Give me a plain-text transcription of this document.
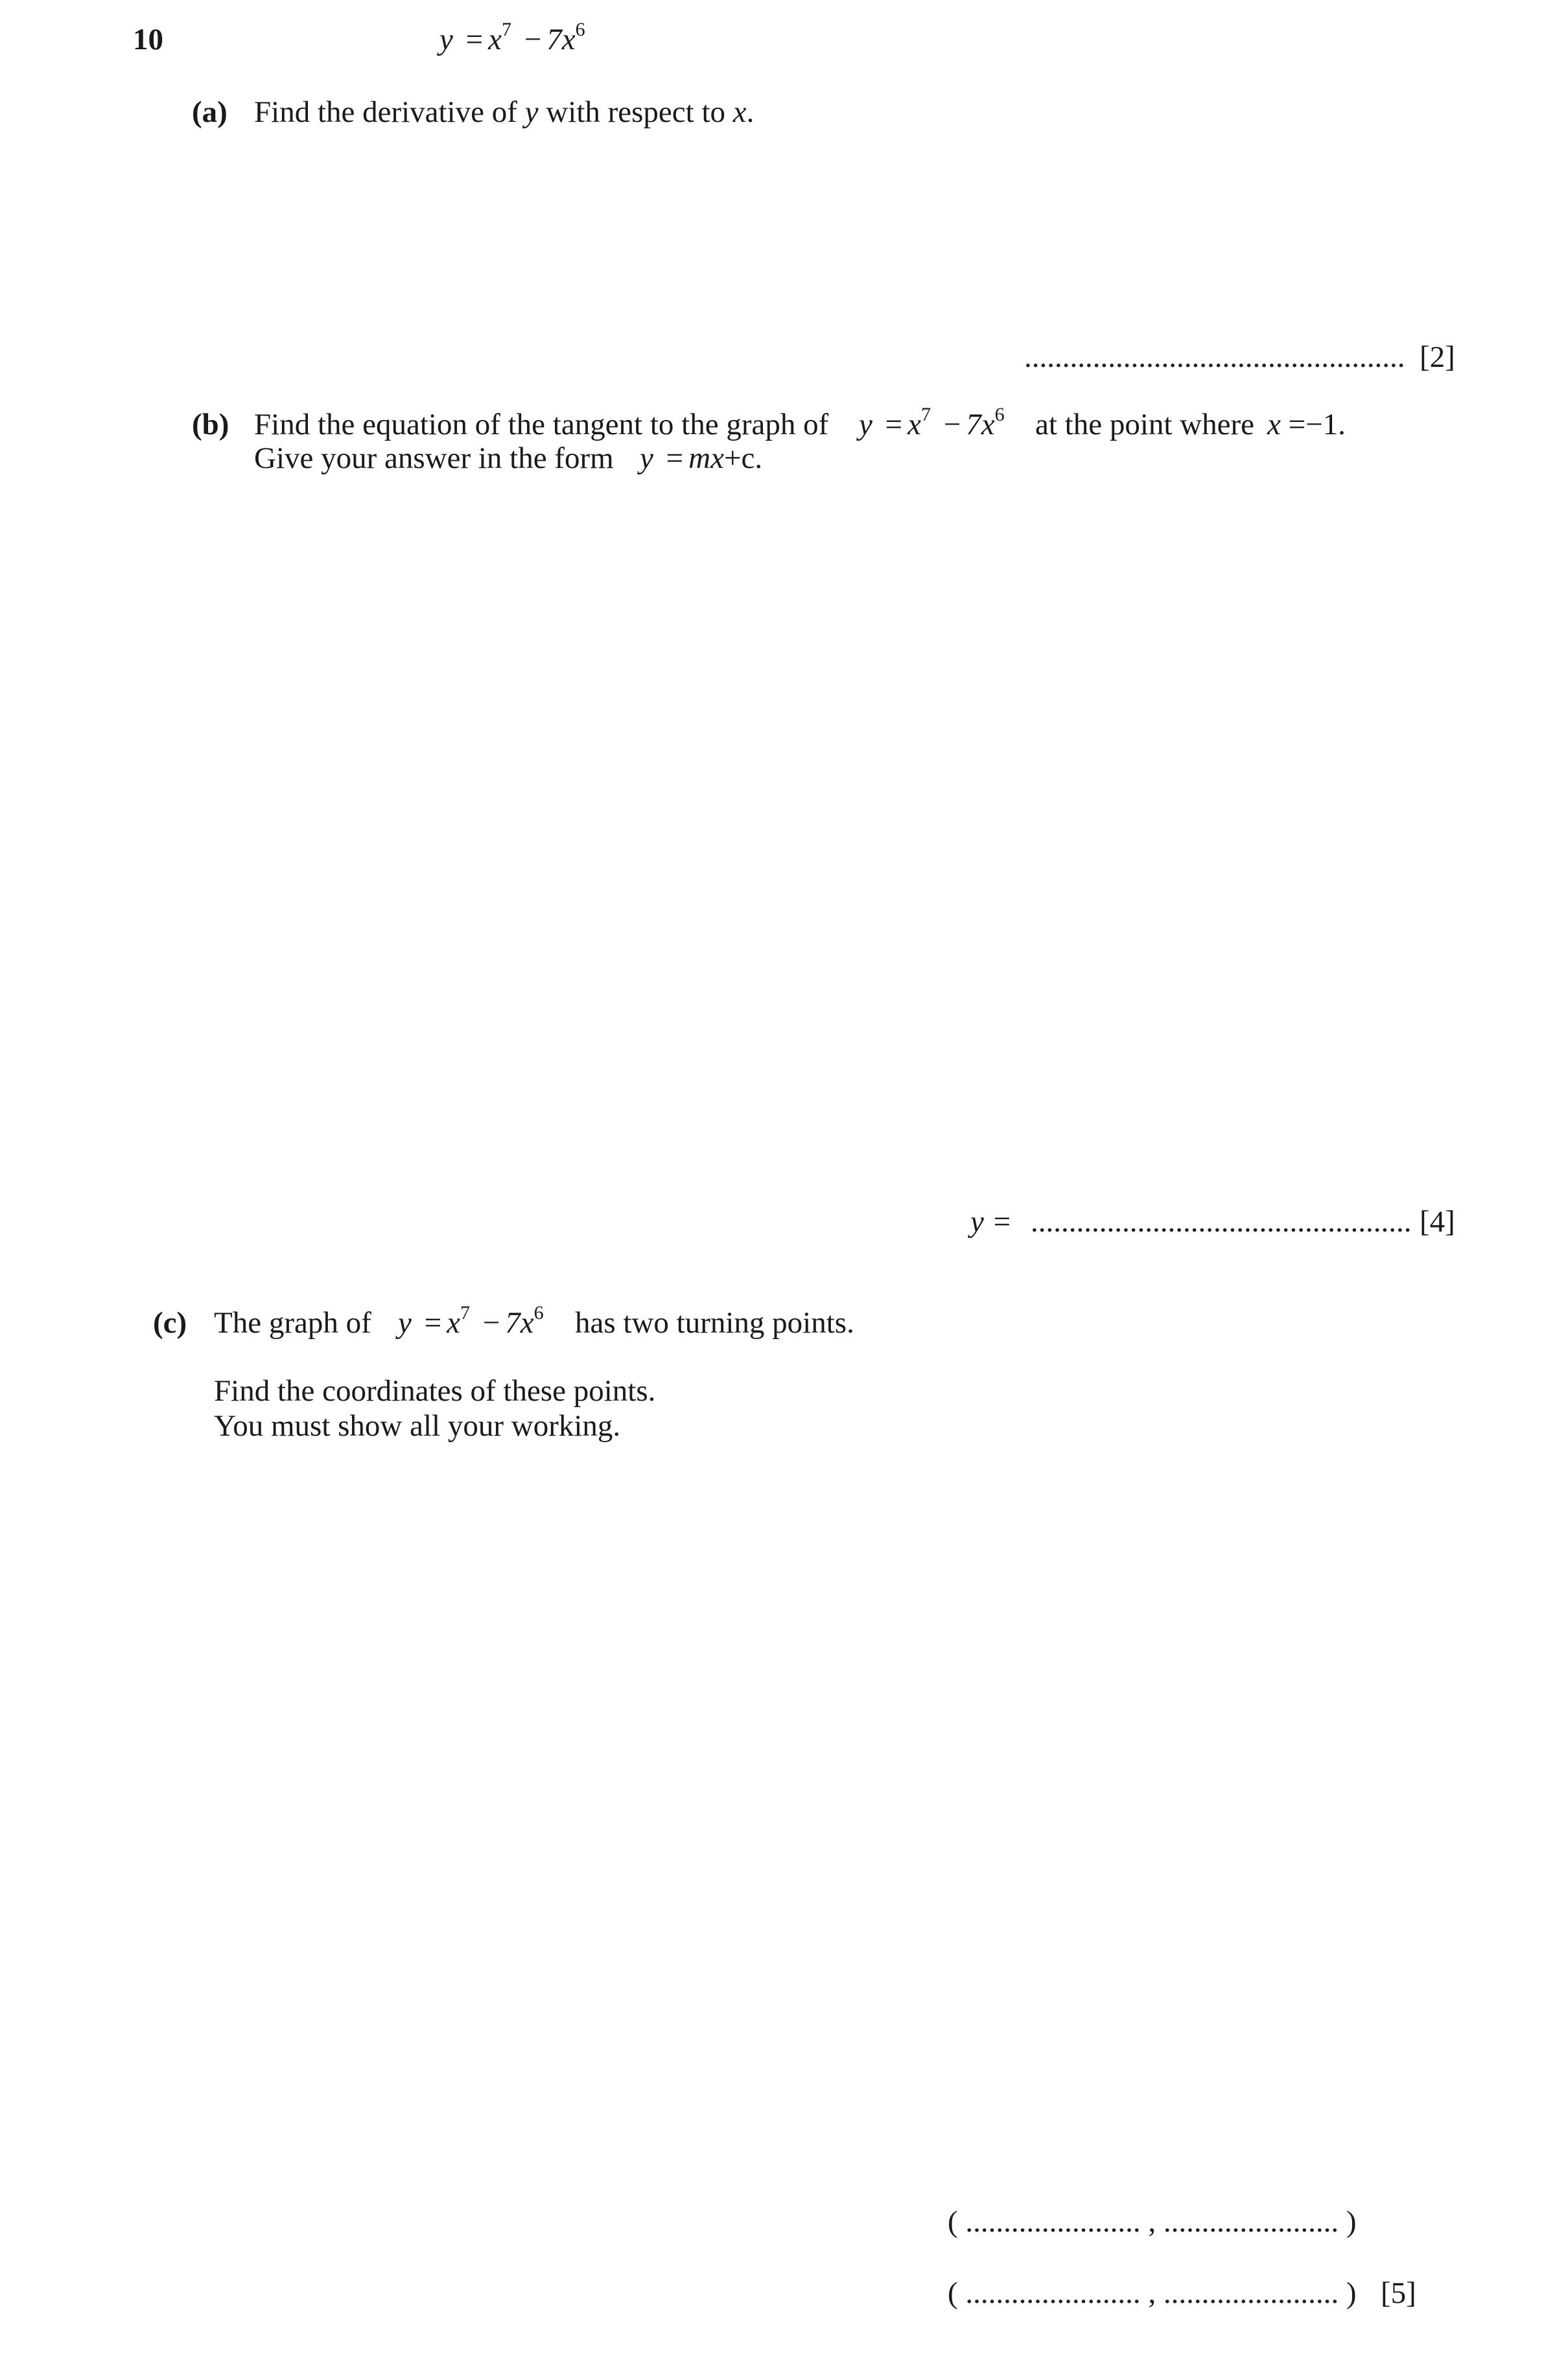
10	$y = x^7 - 7x^6$
(a) Find the derivative of y with respect to x.
.................................................. [2]
(b) Find the equation of the tangent to the graph of $y = x^7 - 7x^6$ at the point where x =−1.
Give your answer in the form y = mx+c.
y = .................................................. [4]
(c) The graph of $y = x^7 - 7x^6$ has two turning points.
Find the coordinates of these points.
You must show all your working.
( ....................... , ....................... )
( ....................... , ....................... ) [5]
